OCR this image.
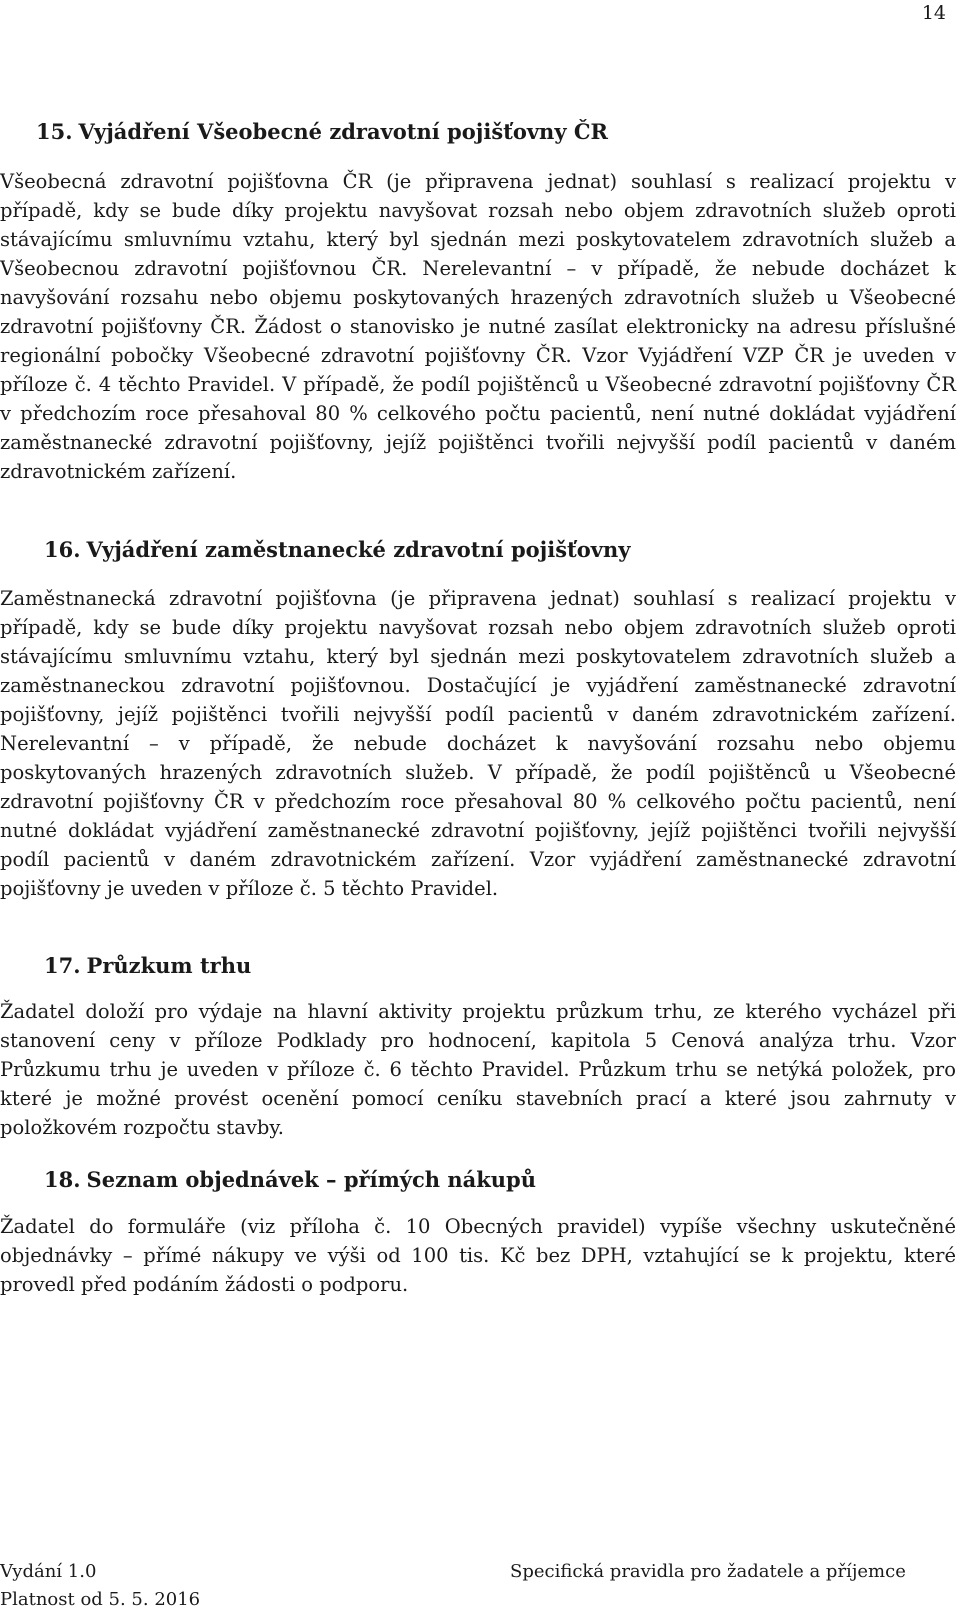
14
15. Vyjádření Všeobecné zdravotní pojišťovny ČR

Všeobecná zdravotní pojišťovna ČR (je připravena jednat) souhlasí s realizací projektu v případě, kdy se bude díky projektu navyšovat rozsah nebo objem zdravotních služeb oproti stávajícímu smluvnímu vztahu, který byl sjednán mezi poskytovatelem zdravotních služeb a Všeobecnou zdravotní pojišťovnou ČR. Nerelevantní – v případě, že nebude docházet k navyšování rozsahu nebo objemu poskytovaných hrazených zdravotních služeb u Všeobecné zdravotní pojišťovny ČR. Žádost o stanovisko je nutné zasílat elektronicky na adresu příslušné regionální pobočky Všeobecné zdravotní pojišťovny ČR. Vzor Vyjádření VZP ČR je uveden v příloze č. 4 těchto Pravidel. V případě, že podíl pojištěnců u Všeobecné zdravotní pojišťovny ČR v předchozím roce přesahoval 80 % celkového počtu pacientů, není nutné dokládat vyjádření zaměstnanecké zdravotní pojišťovny, jejíž pojištěnci tvořili nejvyšší podíl pacientů v daném zdravotnickém zařízení.

16. Vyjádření zaměstnanecké zdravotní pojišťovny

Zaměstnanecká zdravotní pojišťovna (je připravena jednat) souhlasí s realizací projektu v případě, kdy se bude díky projektu navyšovat rozsah nebo objem zdravotních služeb oproti stávajícímu smluvnímu vztahu, který byl sjednán mezi poskytovatelem zdravotních služeb a zaměstnaneckou zdravotní pojišťovnou. Dostačující je vyjádření zaměstnanecké zdravotní pojišťovny, jejíž pojištěnci tvořili nejvyšší podíl pacientů v daném zdravotnickém zařízení. Nerelevantní – v případě, že nebude docházet k navyšování rozsahu nebo objemu poskytovaných hrazených zdravotních služeb. V případě, že podíl pojištěnců u Všeobecné zdravotní pojišťovny ČR v předchozím roce přesahoval 80 % celkového počtu pacientů, není nutné dokládat vyjádření zaměstnanecké zdravotní pojišťovny, jejíž pojištěnci tvořili nejvyšší podíl pacientů v daném zdravotnickém zařízení. Vzor vyjádření zaměstnanecké zdravotní pojišťovny je uveden v příloze č. 5 těchto Pravidel.

17. Průzkum trhu

Žadatel doloží pro výdaje na hlavní aktivity projektu průzkum trhu, ze kterého vycházel při stanovení ceny v příloze Podklady pro hodnocení, kapitola 5 Cenová analýza trhu. Vzor Průzkumu trhu je uveden v příloze č. 6 těchto Pravidel. Průzkum trhu se netýká položek, pro které je možné provést ocenění pomocí ceníku stavebních prací a které jsou zahrnuty v položkovém rozpočtu stavby.

18. Seznam objednávek – přímých nákupů

Žadatel do formuláře (viz příloha č. 10 Obecných pravidel) vypíše všechny uskutečněné objednávky – přímé nákupy ve výši od 100 tis. Kč bez DPH, vztahující se k projektu, které provedl před podáním žádosti o podporu.

Vydání 1.0
Platnost od 5. 5. 2016
Specifická pravidla pro žadatele a příjemce
